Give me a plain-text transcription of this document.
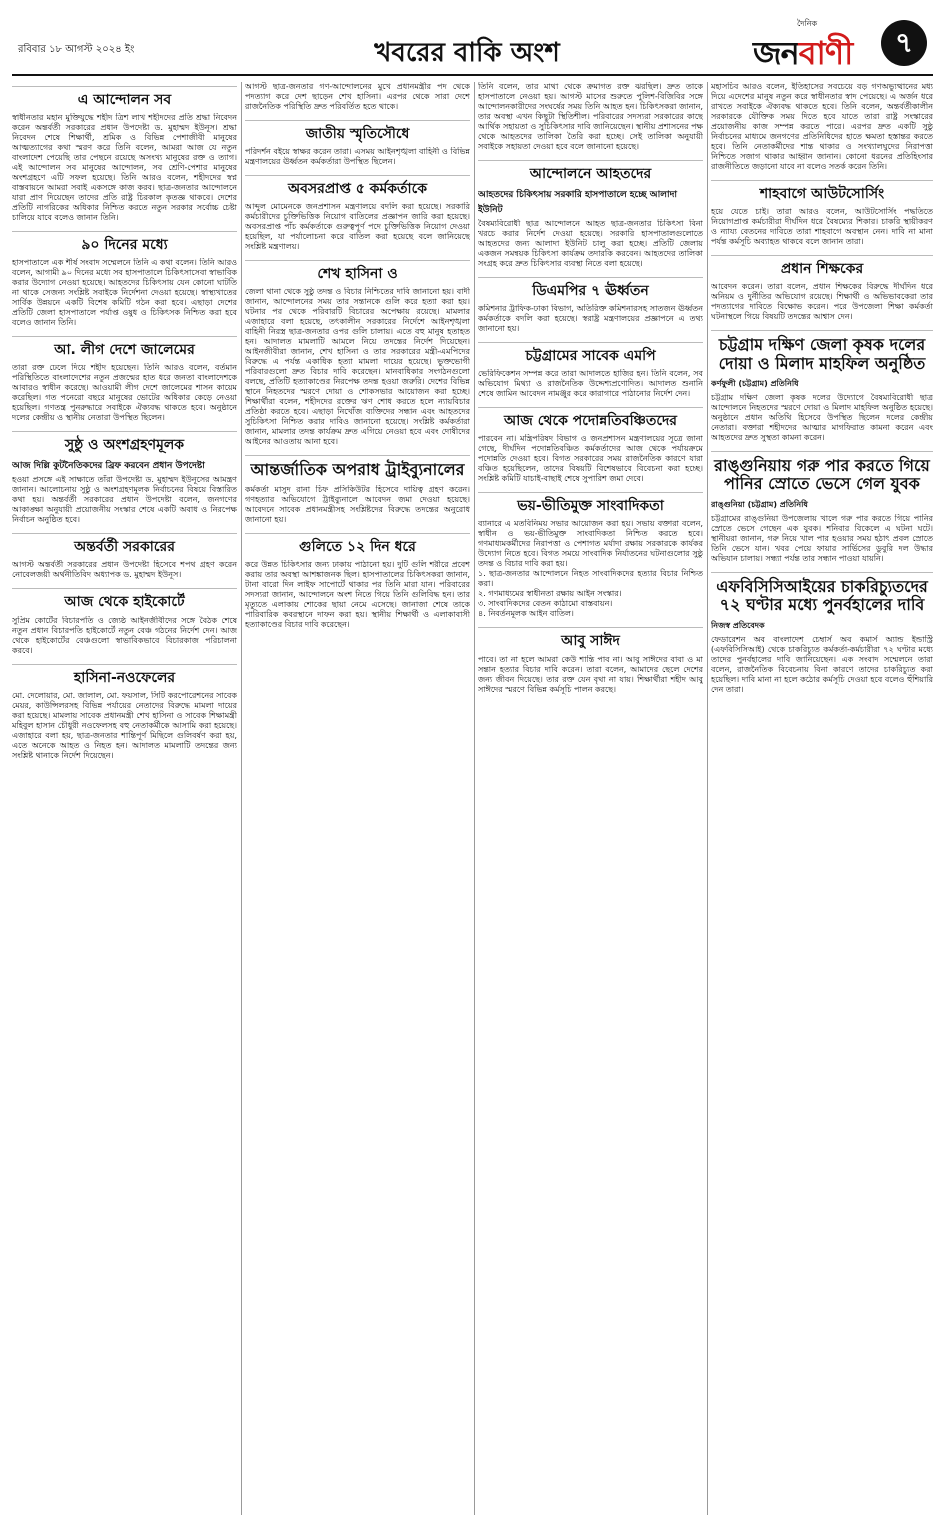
রবিবার ১৮ আগস্ট ২০২৪ ইং	খবরের বাকি অংশ
দৈনিক
জনবাণী	৭
এ আন্দোলন সব
স্বাধীনতার মহান মুক্তিযুদ্ধে শহীদ ত্রিশ লাখ শহীদদের প্রতি শ্রদ্ধা নিবেদন করেন অন্তর্বর্তী সরকারের প্রধান উপদেষ্টা ড. মুহাম্মদ ইউনূস। শ্রদ্ধা নিবেদন শেষে শিক্ষার্থী, শ্রমিক ও বিভিন্ন পেশাজীবী মানুষের আত্মত্যাগের কথা স্মরণ করে তিনি বলেন, আমরা আজ যে নতুন বাংলাদেশ পেয়েছি তার পেছনে রয়েছে অসংখ্য মানুষের রক্ত ও ত্যাগ। এই আন্দোলন সব মানুষের আন্দোলন, সব শ্রেণি-পেশার মানুষের অংশগ্রহণে এটি সফল হয়েছে। তিনি আরও বলেন, শহীদদের স্বপ্ন বাস্তবায়নে আমরা সবাই একসঙ্গে কাজ করব। ছাত্র-জনতার আন্দোলনে যারা প্রাণ দিয়েছেন তাদের প্রতি রাষ্ট্র চিরকাল কৃতজ্ঞ থাকবে। দেশের প্রতিটি নাগরিকের অধিকার নিশ্চিত করতে নতুন সরকার সর্বোচ্চ চেষ্টা চালিয়ে যাবে বলেও জানান তিনি।
৯০ দিনের মধ্যে
হাসপাতালে এক শীর্ষ সংবাদ সম্মেলনে তিনি এ কথা বলেন। তিনি আরও বলেন, আগামী ৯০ দিনের মধ্যে সব হাসপাতালে চিকিৎসাসেবা স্বাভাবিক করার উদ্যোগ নেওয়া হয়েছে। আহতদের চিকিৎসায় যেন কোনো ঘাটতি না থাকে সেজন্য সংশ্লিষ্ট সবাইকে নির্দেশনা দেওয়া হয়েছে। স্বাস্থ্যখাতের সার্বিক উন্নয়নে একটি বিশেষ কমিটি গঠন করা হবে। এছাড়া দেশের প্রতিটি জেলা হাসপাতালে পর্যাপ্ত ওষুধ ও চিকিৎসক নিশ্চিত করা হবে বলেও জানান তিনি।
আ. লীগ দেশে জালেমের
তারা রক্ত ঢেলে দিয়ে শহীদ হয়েছেন। তিনি আরও বলেন, বর্তমান পরিস্থিতিতে বাংলাদেশের নতুন প্রজন্মের হাত ধরে জনতা বাংলাদেশকে আবারও স্বাধীন করেছে। আওয়ামী লীগ দেশে জালেমের শাসন কায়েম করেছিল। গত পনেরো বছরে মানুষের ভোটের অধিকার কেড়ে নেওয়া হয়েছিল। গণতন্ত্র পুনরুদ্ধারে সবাইকে ঐক্যবদ্ধ থাকতে হবে। অনুষ্ঠানে দলের কেন্দ্রীয় ও স্থানীয় নেতারা উপস্থিত ছিলেন।
সুষ্ঠু ও অংশগ্রহণমূলক
আজ দিল্লি কুটনৈতিকদের ব্রিফ করবেন প্রধান উপদেষ্টা
হওয়া প্রসঙ্গে এই সাক্ষাতে তাঁরা উপদেষ্টা ড. মুহাম্মদ ইউনূসের আমন্ত্রণ জানান। আলোচনায় সুষ্ঠু ও অংশগ্রহণমূলক নির্বাচনের বিষয়ে বিস্তারিত কথা হয়। অন্তর্বর্তী সরকারের প্রধান উপদেষ্টা বলেন, জনগণের আকাঙ্ক্ষা অনুযায়ী প্রয়োজনীয় সংস্কার শেষে একটি অবাধ ও নিরপেক্ষ নির্বাচন অনুষ্ঠিত হবে।
অন্তর্বর্তী সরকারের
আগস্ট অন্তর্বর্তী সরকারের প্রধান উপদেষ্টা হিসেবে শপথ গ্রহণ করেন নোবেলজয়ী অর্থনীতিবিদ অধ্যাপক ড. মুহাম্মদ ইউনূস।
আজ থেকে হাইকোর্টে
সুপ্রিম কোর্টের বিচারপতি ও জ্যেষ্ঠ আইনজীবীদের সঙ্গে বৈঠক শেষে নতুন প্রধান বিচারপতি হাইকোর্টে নতুন বেঞ্চ গঠনের নির্দেশ দেন। আজ থেকে হাইকোর্টের বেঞ্চগুলো স্বাভাবিকভাবে বিচারকাজ পরিচালনা করবে।
হাসিনা-নওফেলের
মো. দেলোয়ার, মো. জালাল, মো. ফয়সাল, সিটি করপোরেশনের সাবেক মেয়র, কাউন্সিলরসহ বিভিন্ন পর্যায়ের নেতাদের বিরুদ্ধে মামলা দায়ের করা হয়েছে। মামলায় সাবেক প্রধানমন্ত্রী শেখ হাসিনা ও সাবেক শিক্ষামন্ত্রী মহিবুল হাসান চৌধুরী নওফেলসহ বহু নেতাকর্মীকে আসামি করা হয়েছে। এজাহারে বলা হয়, ছাত্র-জনতার শান্তিপূর্ণ মিছিলে গুলিবর্ষণ করা হয়, এতে অনেকে আহত ও নিহত হন। আদালত মামলাটি তদন্তের জন্য সংশ্লিষ্ট থানাকে নির্দেশ দিয়েছেন।
আগস্ট ছাত্র-জনতার গণ-আন্দোলনের মুখে প্রধানমন্ত্রীর পদ থেকে পদত্যাগ করে দেশ ছাড়েন শেখ হাসিনা। এরপর থেকে সারা দেশে রাজনৈতিক পরিস্থিতি দ্রুত পরিবর্তিত হতে থাকে।
জাতীয় স্মৃতিসৌধে
পরিদর্শন বইয়ে স্বাক্ষর করেন তারা। এসময় আইনশৃঙ্খলা বাহিনী ও বিভিন্ন মন্ত্রণালয়ের ঊর্ধ্বতন কর্মকর্তারা উপস্থিত ছিলেন।
অবসরপ্রাপ্ত ৫ কর্মকর্তাকে
আব্দুল মোমেনকে জনপ্রশাসন মন্ত্রণালয়ে বদলি করা হয়েছে। সরকারি কর্মচারীদের চুক্তিভিত্তিক নিয়োগ বাতিলের প্রজ্ঞাপন জারি করা হয়েছে। অবসরপ্রাপ্ত পাঁচ কর্মকর্তাকে গুরুত্বপূর্ণ পদে চুক্তিভিত্তিক নিয়োগ দেওয়া হয়েছিল, যা পর্যালোচনা করে বাতিল করা হয়েছে বলে জানিয়েছে সংশ্লিষ্ট মন্ত্রণালয়।
শেখ হাসিনা ও
জেলা থানা থেকে সুষ্ঠু তদন্ত ও বিচার নিশ্চিতের দাবি জানানো হয়। বাদী জানান, আন্দোলনের সময় তার সন্তানকে গুলি করে হত্যা করা হয়। ঘটনার পর থেকে পরিবারটি বিচারের অপেক্ষায় রয়েছে। মামলার এজাহারে বলা হয়েছে, তৎকালীন সরকারের নির্দেশে আইনশৃঙ্খলা বাহিনী নিরস্ত্র ছাত্র-জনতার ওপর গুলি চালায়। এতে বহু মানুষ হতাহত হন। আদালত মামলাটি আমলে নিয়ে তদন্তের নির্দেশ দিয়েছেন। আইনজীবীরা জানান, শেখ হাসিনা ও তার সরকারের মন্ত্রী-এমপিদের বিরুদ্ধে এ পর্যন্ত একাধিক হত্যা মামলা দায়ের হয়েছে। ভুক্তভোগী পরিবারগুলো দ্রুত বিচার দাবি করেছেন। মানবাধিকার সংগঠনগুলো বলছে, প্রতিটি হত্যাকাণ্ডের নিরপেক্ষ তদন্ত হওয়া জরুরি। দেশের বিভিন্ন স্থানে নিহতদের স্মরণে দোয়া ও শোকসভার আয়োজন করা হচ্ছে। শিক্ষার্থীরা বলেন, শহীদদের রক্তের ঋণ শোধ করতে হলে ন্যায়বিচার প্রতিষ্ঠা করতে হবে। এছাড়া নিখোঁজ ব্যক্তিদের সন্ধান এবং আহতদের সুচিকিৎসা নিশ্চিত করার দাবিও জানানো হয়েছে। সংশ্লিষ্ট কর্মকর্তারা জানান, মামলার তদন্ত কার্যক্রম দ্রুত এগিয়ে নেওয়া হবে এবং দোষীদের আইনের আওতায় আনা হবে।
আন্তর্জাতিক অপরাধ ট্রাইব্যুনালের
কর্মকর্তা মাসুদ রানা চিফ প্রসিকিউটর হিসেবে দায়িত্ব গ্রহণ করেন। গণহত্যার অভিযোগে ট্রাইব্যুনালে আবেদন জমা দেওয়া হয়েছে। আবেদনে সাবেক প্রধানমন্ত্রীসহ সংশ্লিষ্টদের বিরুদ্ধে তদন্তের অনুরোধ জানানো হয়।
গুলিতে ১২ দিন ধরে
করে উন্নত চিকিৎসার জন্য ঢাকায় পাঠানো হয়। দুটি গুলি শরীরে প্রবেশ করায় তার অবস্থা আশঙ্কাজনক ছিল। হাসপাতালের চিকিৎসকরা জানান, টানা বারো দিন লাইফ সাপোর্টে থাকার পর তিনি মারা যান। পরিবারের সদস্যরা জানান, আন্দোলনে অংশ নিতে গিয়ে তিনি গুলিবিদ্ধ হন। তার মৃত্যুতে এলাকায় শোকের ছায়া নেমে এসেছে। জানাজা শেষে তাকে পারিবারিক কবরস্থানে দাফন করা হয়। স্থানীয় শিক্ষার্থী ও এলাকাবাসী হত্যাকাণ্ডের বিচার দাবি করেছেন।
তিনি বলেন, তার মাথা থেকে ক্রমাগত রক্ত ঝরছিল। দ্রুত তাকে হাসপাতালে নেওয়া হয়। আগস্ট মাসের শুরুতে পুলিশ-বিজিবির সঙ্গে আন্দোলনকারীদের সংঘর্ষের সময় তিনি আহত হন। চিকিৎসকরা জানান, তার অবস্থা এখন কিছুটা স্থিতিশীল। পরিবারের সদস্যরা সরকারের কাছে আর্থিক সহায়তা ও সুচিকিৎসার দাবি জানিয়েছেন। স্থানীয় প্রশাসনের পক্ষ থেকে আহতদের তালিকা তৈরি করা হচ্ছে। সেই তালিকা অনুযায়ী সবাইকে সহায়তা দেওয়া হবে বলে জানানো হয়েছে।
আন্দোলনে আহতদের
আহতদের চিকিৎসায় সরকারি হাসপাতালে হচ্ছে আলাদা ইউনিট
বৈষম্যবিরোধী ছাত্র আন্দোলনে আহত ছাত্র-জনতার চিকিৎসা বিনা খরচে করার নির্দেশ দেওয়া হয়েছে। সরকারি হাসপাতালগুলোতে আহতদের জন্য আলাদা ইউনিট চালু করা হচ্ছে। প্রতিটি জেলায় একজন সমন্বয়ক চিকিৎসা কার্যক্রম তদারকি করবেন। আহতদের তালিকা সংগ্রহ করে দ্রুত চিকিৎসার ব্যবস্থা নিতে বলা হয়েছে।
ডিএমপির ৭ ঊর্ধ্বতন
কমিশনার ট্রাফিক-ঢাকা বিভাগ, অতিরিক্ত কমিশনারসহ সাতজন ঊর্ধ্বতন কর্মকর্তাকে বদলি করা হয়েছে। স্বরাষ্ট্র মন্ত্রণালয়ের প্রজ্ঞাপনে এ তথ্য জানানো হয়।
চট্টগ্রামের সাবেক এমপি
ভেরিফিকেশন সম্পন্ন করে তারা আদালতে হাজির হন। তিনি বলেন, সব অভিযোগ মিথ্যা ও রাজনৈতিক উদ্দেশ্যপ্রণোদিত। আদালত শুনানি শেষে জামিন আবেদন নামঞ্জুর করে কারাগারে পাঠানোর নির্দেশ দেন।
আজ থেকে পদোন্নতিবঞ্চিতদের
পারবেন না। মন্ত্রিপরিষদ বিভাগ ও জনপ্রশাসন মন্ত্রণালয়ের সূত্রে জানা গেছে, দীর্ঘদিন পদোন্নতিবঞ্চিত কর্মকর্তাদের আজ থেকে পর্যায়ক্রমে পদোন্নতি দেওয়া হবে। বিগত সরকারের সময় রাজনৈতিক কারণে যারা বঞ্চিত হয়েছিলেন, তাদের বিষয়টি বিশেষভাবে বিবেচনা করা হচ্ছে। সংশ্লিষ্ট কমিটি যাচাই-বাছাই শেষে সুপারিশ জমা দেবে।
ভয়-ভীতিমুক্ত সাংবাদিকতা
ব্যানারে এ মতবিনিময় সভার আয়োজন করা হয়। সভায় বক্তারা বলেন, স্বাধীন ও ভয়-ভীতিমুক্ত সাংবাদিকতা নিশ্চিত করতে হবে। গণমাধ্যমকর্মীদের নিরাপত্তা ও পেশাগত মর্যাদা রক্ষায় সরকারকে কার্যকর উদ্যোগ নিতে হবে। বিগত সময়ে সাংবাদিক নির্যাতনের ঘটনাগুলোর সুষ্ঠু তদন্ত ও বিচার দাবি করা হয়।
১. ছাত্র-জনতার আন্দোলনে নিহত সাংবাদিকদের হত্যার বিচার নিশ্চিত করা।
২. গণমাধ্যমের স্বাধীনতা রক্ষায় আইন সংস্কার।
৩. সাংবাদিকদের বেতন কাঠামো বাস্তবায়ন।
৪. নিবর্তনমূলক আইন বাতিল।
আবু সাঈদ
পাবে। তা না হলে আমরা কেউ শান্তি পাব না। আবু সাঈদের বাবা ও মা সন্তান হত্যার বিচার দাবি করেন। তারা বলেন, আমাদের ছেলে দেশের জন্য জীবন দিয়েছে। তার রক্ত যেন বৃথা না যায়। শিক্ষার্থীরা শহীদ আবু সাঈদের স্মরণে বিভিন্ন কর্মসূচি পালন করছে।
মহাসচিব আরও বলেন, ইতিহাসের সবচেয়ে বড় গণঅভ্যুত্থানের মধ্য দিয়ে এদেশের মানুষ নতুন করে স্বাধীনতার স্বাদ পেয়েছে। এ অর্জন ধরে রাখতে সবাইকে ঐক্যবদ্ধ থাকতে হবে। তিনি বলেন, অন্তর্বর্তীকালীন সরকারকে যৌক্তিক সময় দিতে হবে যাতে তারা রাষ্ট্র সংস্কারের প্রয়োজনীয় কাজ সম্পন্ন করতে পারে। এরপর দ্রুত একটি সুষ্ঠু নির্বাচনের মাধ্যমে জনগণের প্রতিনিধিদের হাতে ক্ষমতা হস্তান্তর করতে হবে। তিনি নেতাকর্মীদের শান্ত থাকার ও সংখ্যালঘুদের নিরাপত্তা নিশ্চিতে সজাগ থাকার আহ্বান জানান। কোনো ধরনের প্রতিহিংসার রাজনীতিতে জড়ানো যাবে না বলেও সতর্ক করেন তিনি।
শাহবাগে আউটসোর্সিং
হয়ে যেতে চাই। তারা আরও বলেন, আউটসোর্সিং পদ্ধতিতে নিয়োগপ্রাপ্ত কর্মচারীরা দীর্ঘদিন ধরে বৈষম্যের শিকার। চাকরি স্থায়ীকরণ ও ন্যায্য বেতনের দাবিতে তারা শাহবাগে অবস্থান নেন। দাবি না মানা পর্যন্ত কর্মসূচি অব্যাহত থাকবে বলে জানান তারা।
প্রধান শিক্ষকের
আবেদন করেন। তারা বলেন, প্রধান শিক্ষকের বিরুদ্ধে দীর্ঘদিন ধরে অনিয়ম ও দুর্নীতির অভিযোগ রয়েছে। শিক্ষার্থী ও অভিভাবকেরা তার পদত্যাগের দাবিতে বিক্ষোভ করেন। পরে উপজেলা শিক্ষা কর্মকর্তা ঘটনাস্থলে গিয়ে বিষয়টি তদন্তের আশ্বাস দেন।
চট্টগ্রাম দক্ষিণ জেলা কৃষক দলের দোয়া ও মিলাদ মাহফিল অনুষ্ঠিত
কর্ণফুলী (চট্টগ্রাম) প্রতিনিধি
চট্টগ্রাম দক্ষিণ জেলা কৃষক দলের উদ্যোগে বৈষম্যবিরোধী ছাত্র আন্দোলনে নিহতদের স্মরণে দোয়া ও মিলাদ মাহফিল অনুষ্ঠিত হয়েছে। অনুষ্ঠানে প্রধান অতিথি হিসেবে উপস্থিত ছিলেন দলের কেন্দ্রীয় নেতারা। বক্তারা শহীদদের আত্মার মাগফিরাত কামনা করেন এবং আহতদের দ্রুত সুস্থতা কামনা করেন।
রাঙ্গুনিয়ায় গরু পার করতে গিয়ে পানির স্রোতে ভেসে গেল যুবক
রাঙ্গুনিয়া (চট্টগ্রাম) প্রতিনিধি
চট্টগ্রামের রাঙ্গুনিয়া উপজেলায় খালে গরু পার করতে গিয়ে পানির স্রোতে ভেসে গেছেন এক যুবক। শনিবার বিকেলে এ ঘটনা ঘটে। স্থানীয়রা জানান, গরু নিয়ে খাল পার হওয়ার সময় হঠাৎ প্রবল স্রোতে তিনি ভেসে যান। খবর পেয়ে ফায়ার সার্ভিসের ডুবুরি দল উদ্ধার অভিযান চালায়। সন্ধ্যা পর্যন্ত তার সন্ধান পাওয়া যায়নি।
এফবিসিসিআইয়ের চাকরিচ্যুতদের ৭২ ঘণ্টার মধ্যে পুনর্বহালের দাবি
নিজস্ব প্রতিবেদক
ফেডারেশন অব বাংলাদেশ চেম্বার্স অব কমার্স অ্যান্ড ইন্ডাস্ট্রি (এফবিসিসিআই) থেকে চাকরিচ্যুত কর্মকর্তা-কর্মচারীরা ৭২ ঘণ্টার মধ্যে তাদের পুনর্বহালের দাবি জানিয়েছেন। এক সংবাদ সম্মেলনে তারা বলেন, রাজনৈতিক বিবেচনায় বিনা কারণে তাদের চাকরিচ্যুত করা হয়েছিল। দাবি মানা না হলে কঠোর কর্মসূচি দেওয়া হবে বলেও হুঁশিয়ারি দেন তারা।
